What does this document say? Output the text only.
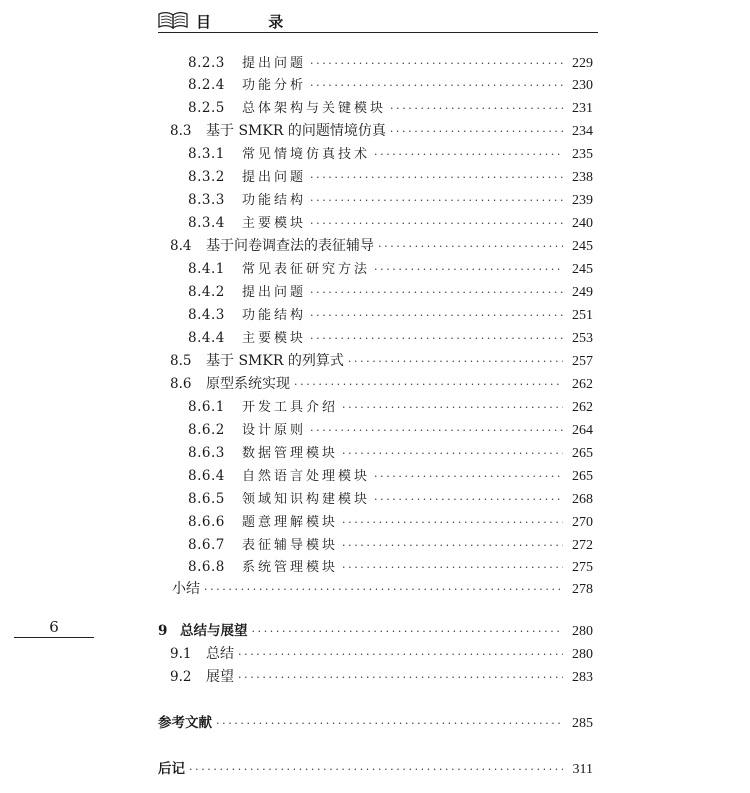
目 录
6
8.2.3	提出问题 ·····	229
8.2.4	功能分析 ·····	230
8.2.5	总体架构与关键模块 ·····	231
8.3	基于 SMKR 的问题情境仿真 ·····	234
8.3.1	常见情境仿真技术 ·····	235
8.3.2	提出问题 ·····	238
8.3.3	功能结构 ·····	239
8.3.4	主要模块 ·····	240
8.4	基于问卷调查法的表征辅导 ·····	245
8.4.1	常见表征研究方法 ·····	245
8.4.2	提出问题 ·····	249
8.4.3	功能结构 ·····	251
8.4.4	主要模块 ·····	253
8.5	基于 SMKR 的列算式 ·····	257
8.6	原型系统实现 ·····	262
8.6.1	开发工具介绍 ·····	262
8.6.2	设计原则 ·····	264
8.6.3	数据管理模块 ·····	265
8.6.4	自然语言处理模块 ·····	265
8.6.5	领域知识构建模块 ·····	268
8.6.6	题意理解模块 ·····	270
8.6.7	表征辅导模块 ·····	272
8.6.8	系统管理模块 ·····	275
小结 ·····	278
9 总结与展望 ·····	280
9.1	总结 ·····	280
9.2	展望 ·····	283
参考文献 ·····	285
后记 ·····	311
